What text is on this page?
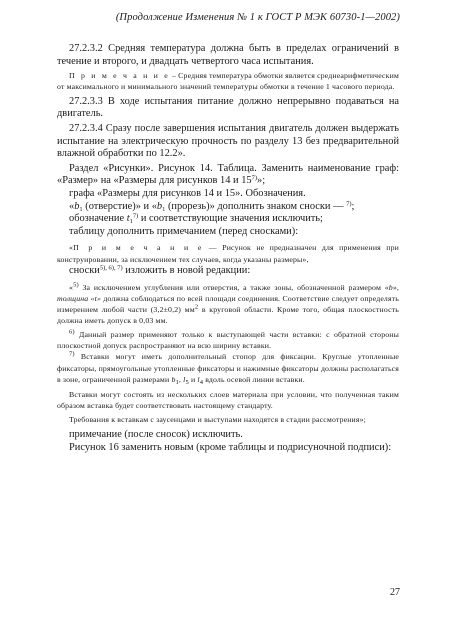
(Продолжение Изменения № 1 к ГОСТ Р МЭК 60730-1—2002)

27.2.3.2 Средняя температура должна быть в пределах ограничений в течение и второго, и двадцать четвертого часа испытания.

П р и м е ч а н и е – Средняя температура обмотки является среднеарифметическим от максимального и минимального значений температуры обмотки в течение 1 часового периода.

27.2.3.3 В ходе испытания питание должно непрерывно подаваться на двигатель.

27.2.3.4 Сразу после завершения испытания двигатель должен выдержать испытание на электрическую прочность по разделу 13 без предварительной влажной обработки по 12.2».

Раздел «Рисунки». Рисунок 14. Таблица. Заменить наименование граф: «Размер» на «Размеры для рисунков 14 и 15$^{7)}$»;

графа «Размеры для рисунков 14 и 15». Обозначения.

«$b_1$ (отверстие)» и «$b_1$ (прорезь)» дополнить знаком сноски — $^{7)}$;

обозначение $t_1^{7)}$ и соответствующие значения исключить;

таблицу дополнить примечанием (перед сносками):

«П р и м е ч а н и е — Рисунок не предназначен для применения при конструировании, за исключением тех случаев, когда указаны размеры»,

сноски$^{5), 6), 7)}$ изложить в новой редакции:

«$^{5)}$ За исключением углубления или отверстия, а также зоны, обозначенной размером «b», толщина «t» должна соблюдаться по всей площади соединения. Соответствие следует определять измерением любой части (3,2±0,2) $мм^2$ в круговой области. Кроме того, общая плоскостность должна иметь допуск в 0,03 мм.

$^{6)}$ Данный размер применяют только к выступающей части вставки: с обратной стороны плоскостной допуск распространяют на всю ширину вставки.

$^{7)}$ Вставки могут иметь дополнительный стопор для фиксации. Круглые утопленные фиксаторы, прямоугольные утопленные фиксаторы и нажимные фиксаторы должны располагаться в зоне, ограниченной размерами $b_1$, $l_5$ и $l_4$ вдоль осевой линии вставки.

Вставки могут состоять из нескольких слоев материала при условии, что полученная таким образом вставка будет соответствовать настоящему стандарту.

Требования к вставкам с заусенцами и выступами находятся в стадии рассмотрения»;

примечание (после сносок) исключить.

Рисунок 16 заменить новым (кроме таблицы и подрисуночной подписи):

27
